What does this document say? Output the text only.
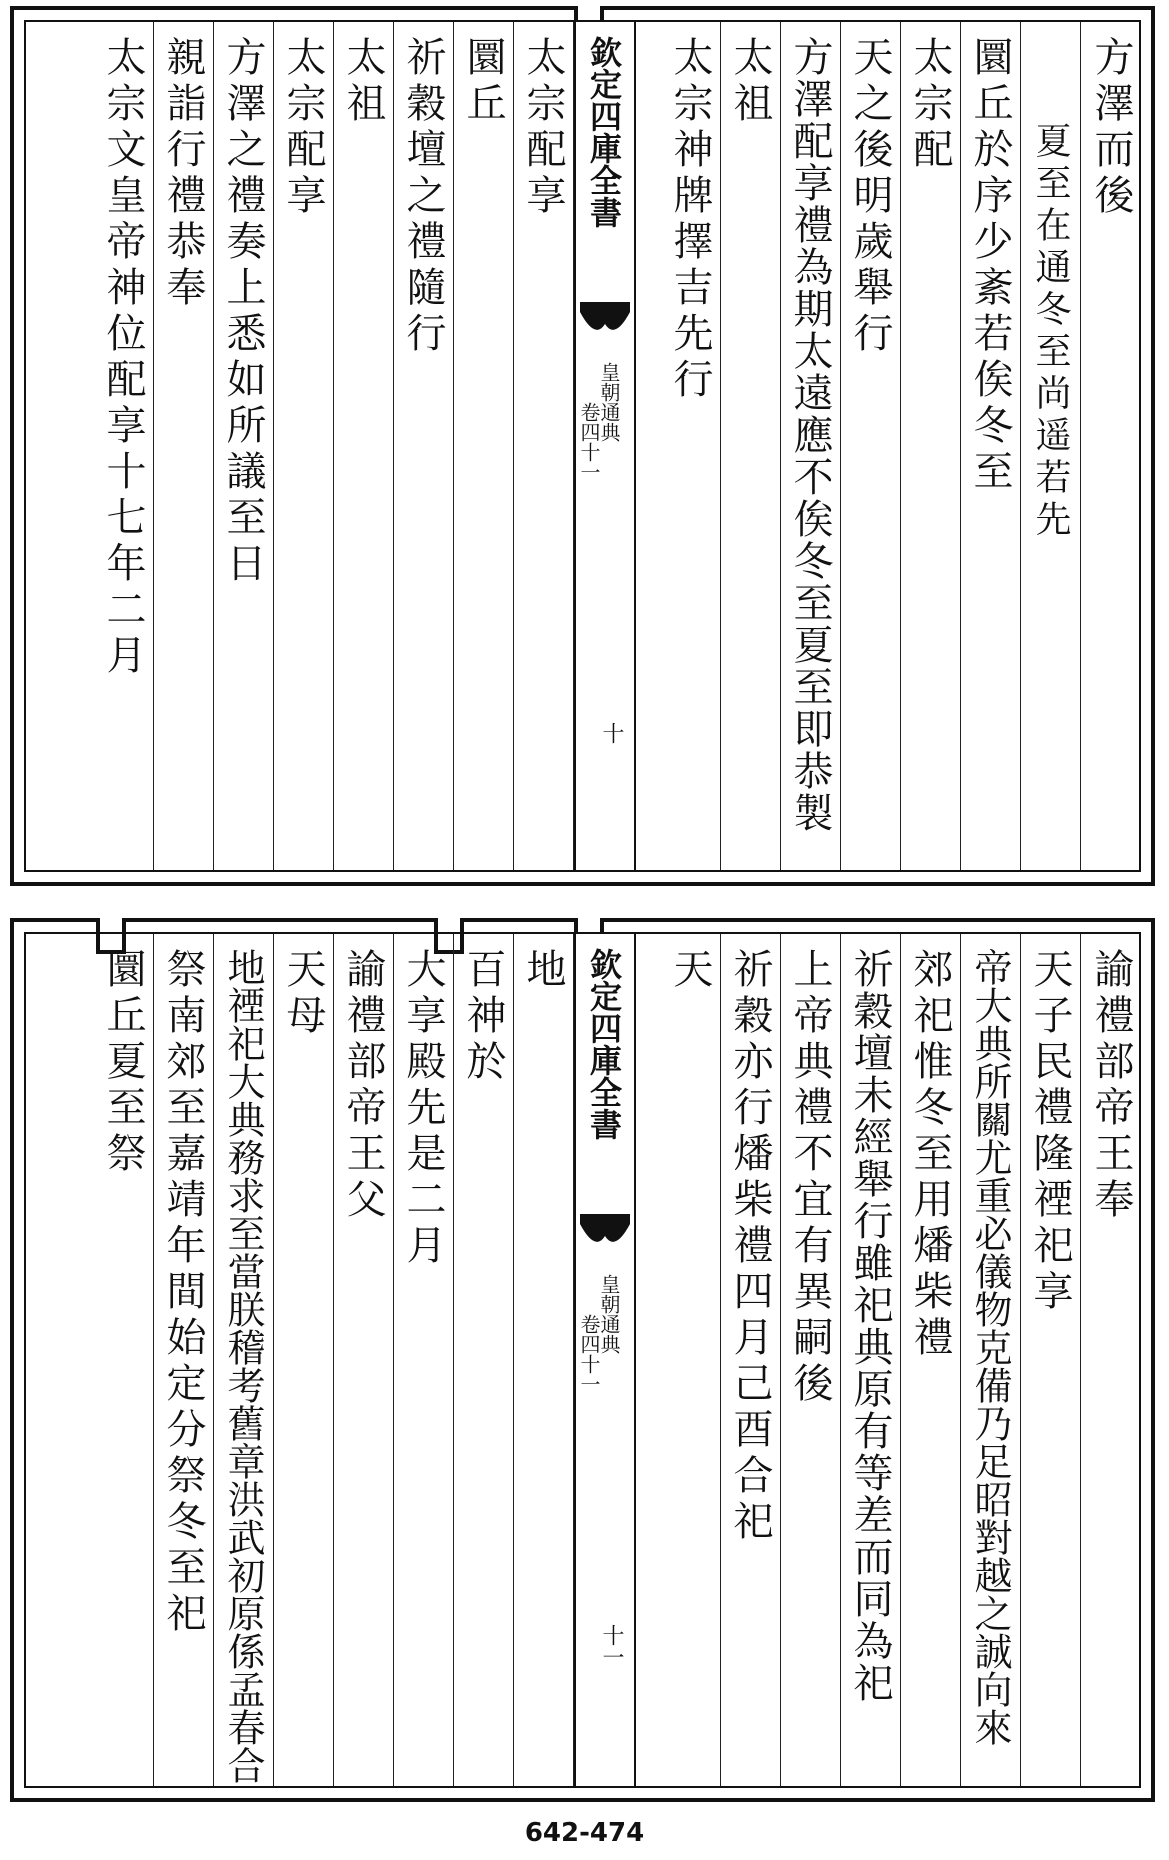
方澤而後
夏至在通冬至尚遥若先
圜丘於序少紊若俟冬至
太宗配
天之後明歲舉行
方澤配享禮為期太遠應不俟冬至夏至即恭製
太祖
太宗神牌擇吉先行
欽定四庫全書
皇朝通典
卷四十一
十
太宗配享
圜丘
祈穀壇之禮隨行
太祖
太宗配享
方澤之禮奏上悉如所議至日
親詣行禮恭奉
太宗文皇帝神位配享十七年二月
諭禮部帝王奉
天子民禮隆禋祀享
帝大典所關尤重必儀物克備乃足昭對越之誠向來
郊祀惟冬至用燔柴禮
祈穀壇未經舉行雖祀典原有等差而同為祀
上帝典禮不宜有異嗣後
祈穀亦行燔柴禮四月己酉合祀
天
欽定四庫全書
皇朝通典
卷四十一
十一
地
百神於
大享殿先是二月
諭禮部帝王父
天母
地禋祀大典務求至當朕稽考舊章洪武初原係孟春合
祭南郊至嘉靖年間始定分祭冬至祀
圜丘夏至祭
642-474
